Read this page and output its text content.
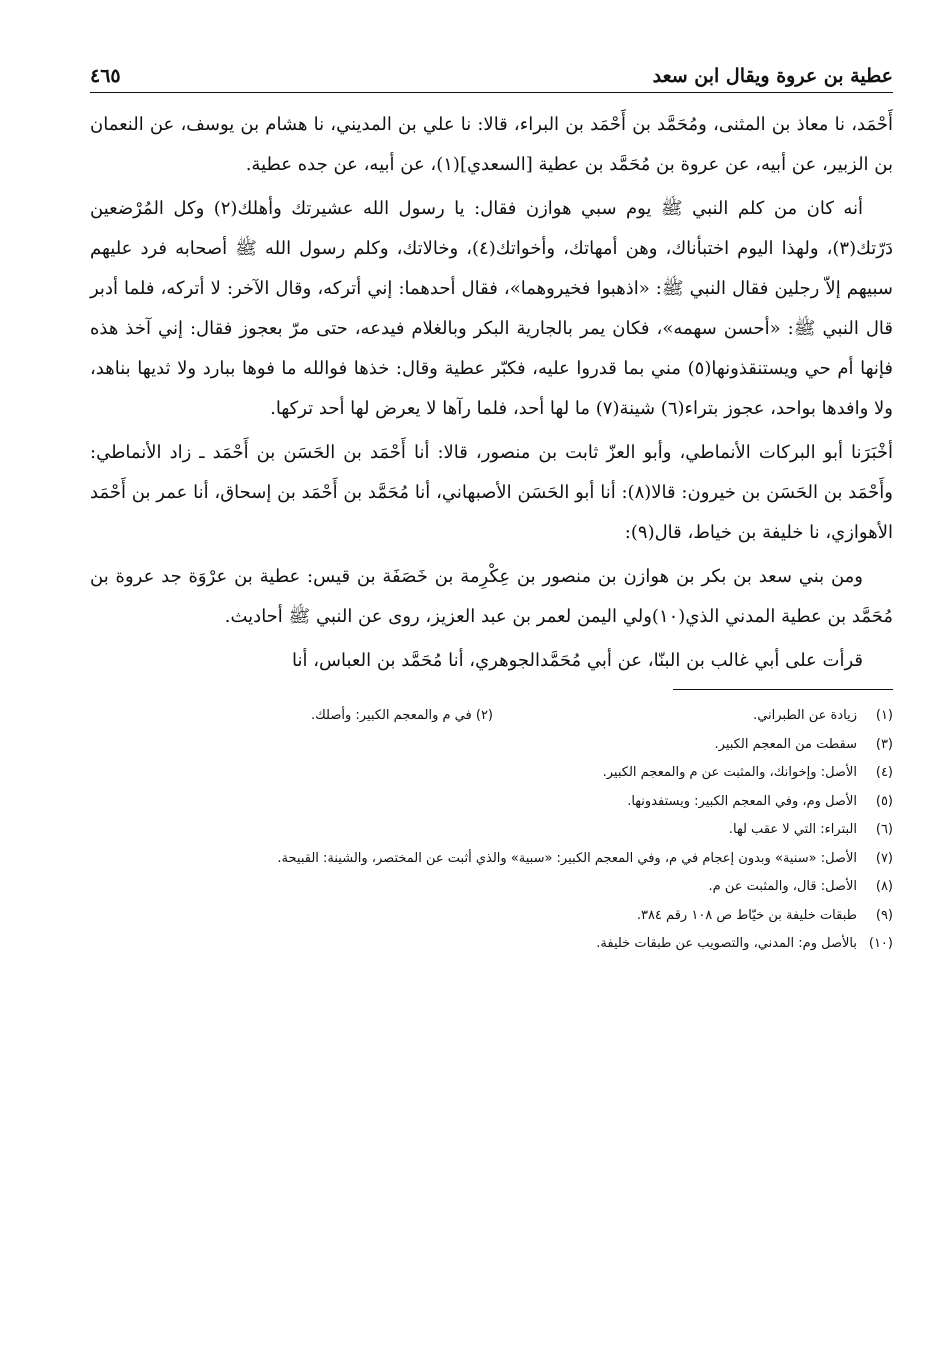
عطية بن عروة ويقال ابن سعد
٤٦٥

أَحْمَد، نا معاذ بن المثنى، ومُحَمَّد بن أَحْمَد بن البراء، قالا: نا علي بن المديني، نا هشام بن يوسف، عن النعمان بن الزبير، عن أبيه، عن عروة بن مُحَمَّد بن عطية [السعدي](١)، عن أبيه، عن جده عطية.

أنه كان من كلم النبي ﷺ يوم سبي هوازن فقال: يا رسول الله عشيرتك وأهلك(٢) وكل المُرْضعين دَرّتك(٣)، ولهذا اليوم اختبأناك، وهن أمهاتك، وأخواتك(٤)، وخالاتك، وكلم رسول الله ﷺ أصحابه فرد عليهم سبيهم إلاّ رجلين فقال النبي ﷺ: «اذهبوا فخيروهما»، فقال أحدهما: إني أتركه، وقال الآخر: لا أتركه، فلما أدبر قال النبي ﷺ: «أحسن سهمه»، فكان يمر بالجارية البكر وبالغلام فيدعه، حتى مرّ بعجوز فقال: إني آخذ هذه فإنها أم حي ويستنقذونها(٥) مني بما قدروا عليه، فكبّر عطية وقال: خذها فوالله ما فوها ببارد ولا ثديها بناهد، ولا وافدها بواحد، عجوز بتراء(٦) شينة(٧) ما لها أحد، فلما رآها لا يعرض لها أحد تركها.

أخْبَرَنا أبو البركات الأنماطي، وأبو العزّ ثابت بن منصور، قالا: أنا أَحْمَد بن الحَسَن بن أَحْمَد ـ زاد الأنماطي: وأَحْمَد بن الحَسَن بن خيرون: قالا(٨): أنا أبو الحَسَن الأصبهاني، أنا مُحَمَّد بن أَحْمَد بن إسحاق، أنا عمر بن أَحْمَد الأهوازي، نا خليفة بن خياط، قال(٩):

ومن بني سعد بن بكر بن هوازن بن منصور بن عِكْرِمة بن خَصَفَة بن قيس: عطية بن عرْوَة جد عروة بن مُحَمَّد بن عطية المدني الذي(١٠)ولي اليمن لعمر بن عبد العزيز، روى عن النبي ﷺ أحاديث.

قرأت على أبي غالب بن البنّا، عن أبي مُحَمَّدالجوهري، أنا مُحَمَّد بن العباس، أنا

(١)
زيادة عن الطبراني.
(٢) في م والمعجم الكبير: وأصلك.
(٣)
سقطت من المعجم الكبير.
(٤)
الأصل: وإخوانك، والمثبت عن م والمعجم الكبير.
(٥)
الأصل وم، وفي المعجم الكبير: ويستفدونها.
(٦)
البتراء: التي لا عقب لها.
(٧)
الأصل: «سنية» وبدون إعجام في م، وفي المعجم الكبير: «سبية» والذي أثبت عن المختصر، والشينة: القبيحة.
(٨)
الأصل: قال، والمثبت عن م.
(٩)
طبقات خليفة بن خيّاط ص ١٠٨ رقم ٣٨٤.
(١٠)
بالأصل وم: المدني، والتصويب عن طبقات خليفة.
